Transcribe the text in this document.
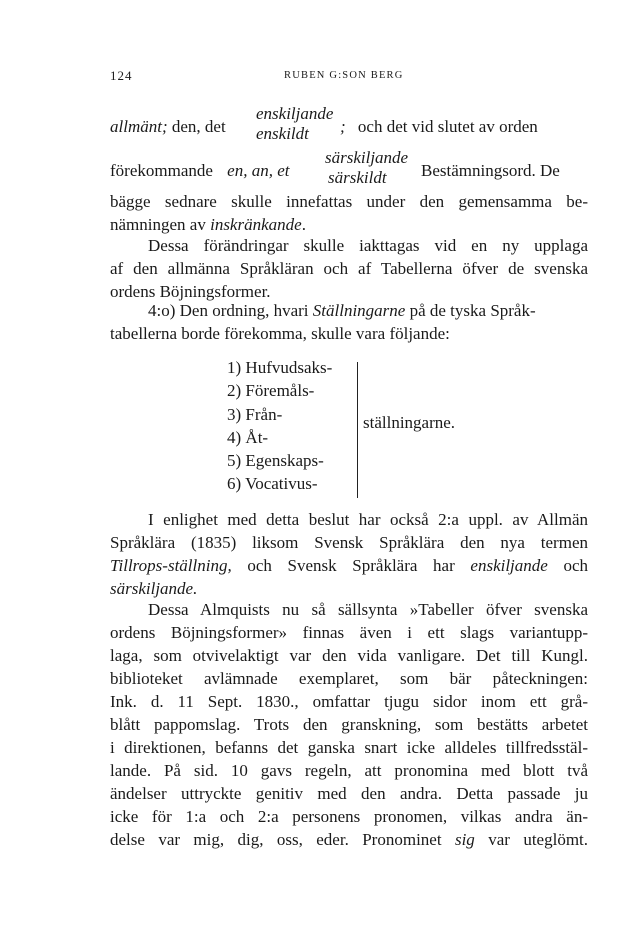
124	RUBEN G:SON BERG
allmänt; den, det
enskiljande
enskildt	; och det vid slutet av orden
förekommande en, an, et
särskiljande
särskildt	Bestämningsord. De
bägge sednare skulle innefattas under den gemensamma be-
nämningen av inskränkande.
Dessa förändringar skulle iakttagas vid en ny upplaga
af den allmänna Språkläran och af Tabellerna öfver de svenska
ordens Böjningsformer.
4:o) Den ordning, hvari Ställningarne på de tyska Språk-
tabellerna borde förekomma, skulle vara följande:
1) Hufvudsaks-
2) Föremåls-
3) Från-
4) Åt-
5) Egenskaps-
6) Vocativus-
ställningarne.
I enlighet med detta beslut har också 2:a uppl. av Allmän
Språklära (1835) liksom Svensk Språklära den nya termen
Tillrops-ställning, och Svensk Språklära har enskiljande och
särskiljande.
Dessa Almquists nu så sällsynta »Tabeller öfver svenska
ordens Böjningsformer» finnas även i ett slags variantupp-
laga, som otvivelaktigt var den vida vanligare. Det till Kungl.
biblioteket avlämnade exemplaret, som bär påteckningen:
Ink. d. 11 Sept. 1830., omfattar tjugu sidor inom ett grå-
blått pappomslag. Trots den granskning, som bestätts arbetet
i direktionen, befanns det ganska snart icke alldeles tillfredsstäl-
lande. På sid. 10 gavs regeln, att pronomina med blott två
ändelser uttryckte genitiv med den andra. Detta passade ju
icke för 1:a och 2:a personens pronomen, vilkas andra än-
delse var mig, dig, oss, eder. Pronominet sig var uteglömt.
